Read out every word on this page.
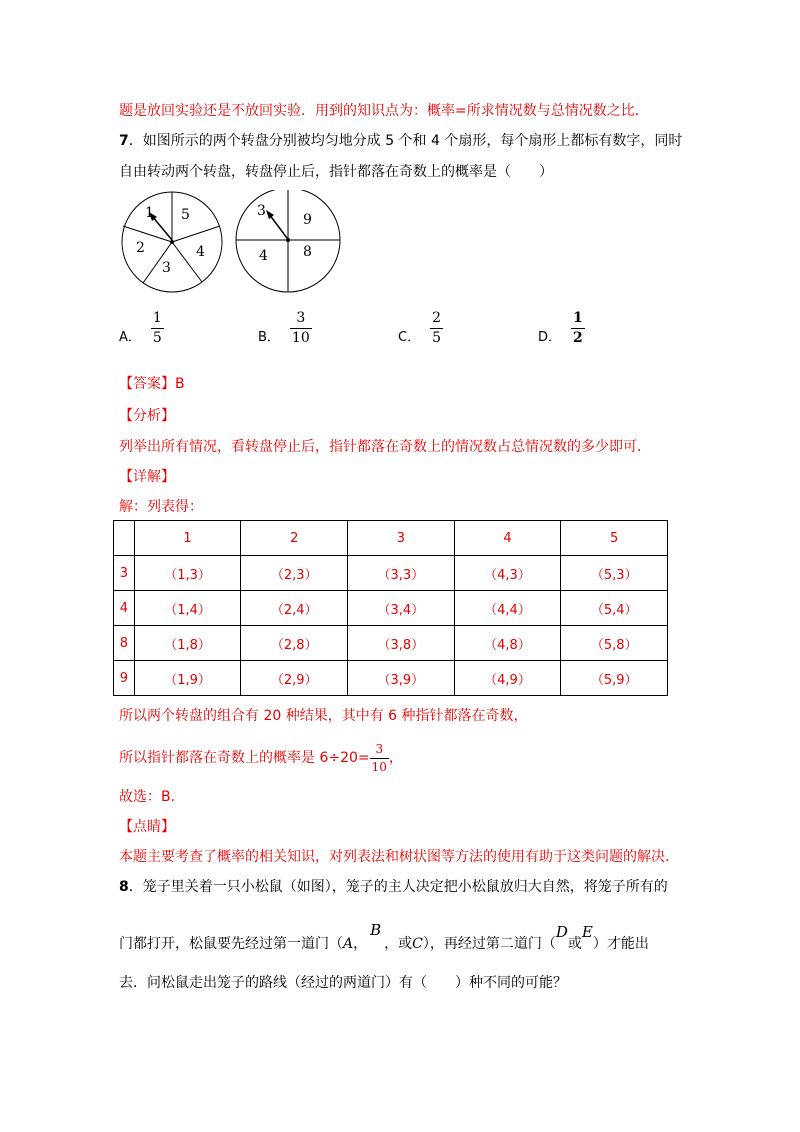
题是放回实验还是不放回实验．用到的知识点为：概率=所求情况数与总情况数之比．
7．如图所示的两个转盘分别被均匀地分成 5 个和 4 个扇形，每个扇形上都标有数字，同时
自由转动两个转盘，转盘停止后，指针都落在奇数上的概率是（　　）
1 5
4
3
2
3
9
8
4
A． $\frac{1}{5}$	B． $\frac{3}{10}$	C． $\frac{2}{5}$	D． $\frac{1}{2}$
【答案】B
【分析】
列举出所有情况，看转盘停止后，指针都落在奇数上的情况数占总情况数的多少即可．
【详解】
解：列表得：
	1	2	3	4	5
3	（1,3）	（2,3）	（3,3）	（4,3）	（5,3）
4	（1,4）	（2,4）	（3,4）	（4,4）	（5,4）
8	（1,8）	（2,8）	（3,8）	（4,8）	（5,8）
9	（1,9）	（2,9）	（3,9）	（4,9）	（5,9）
所以两个转盘的组合有 20 种结果，其中有 6 种指针都落在奇数，
所以指针都落在奇数上的概率是 $6\div 20= \frac{3}{10}$ ，
故选：B．
【点睛】
本题主要考查了概率的相关知识，对列表法和树状图等方法的使用有助于这类问题的解决．
8．笼子里关着一只小松鼠（如图），笼子的主人决定把小松鼠放归大自然，将笼子所有的
门都打开，松鼠要先经过第一道门（ A ，
B
，或 C ），再经过第二道门（
D
或
E
）才能出
去．问松鼠走出笼子的路线（经过的两道门）有（　　）种不同的可能？
